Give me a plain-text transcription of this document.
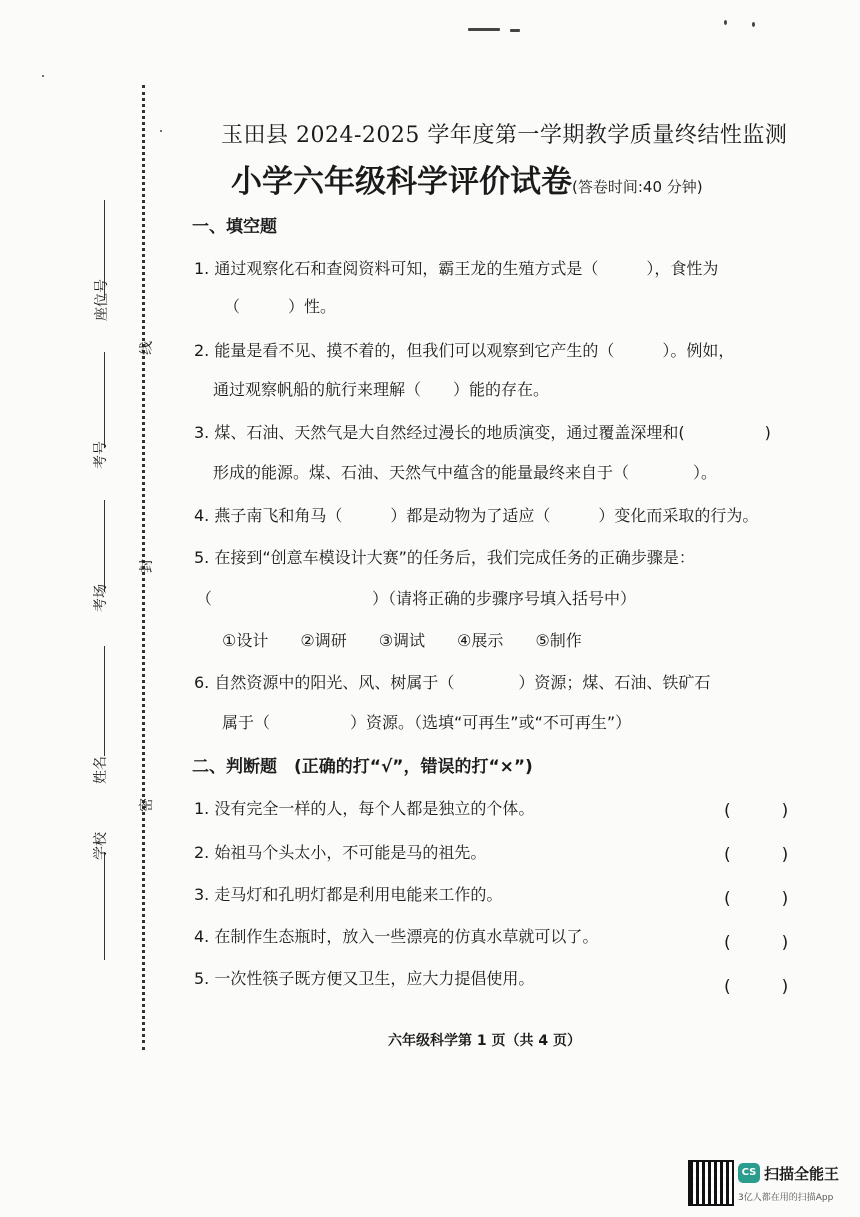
座位号
考号
考场
姓名
学校
线
封
密
玉田县 2024-2025 学年度第一学期教学质量终结性监测
小学六年级科学评价试卷(答卷时间:40 分钟)
一、填空题
1. 通过观察化石和查阅资料可知，霸王龙的生殖方式是（　　　），食性为
（　　　）性。
2. 能量是看不见、摸不着的，但我们可以观察到它产生的（　　　）。例如，
通过观察帆船的航行来理解（　　）能的存在。
3. 煤、石油、天然气是大自然经过漫长的地质演变，通过覆盖深埋和(　　　　　)
形成的能源。煤、石油、天然气中蕴含的能量最终来自于（　　　　）。
4. 燕子南飞和角马（　　　）都是动物为了适应（　　　）变化而采取的行为。
5. 在接到“创意车模设计大赛”的任务后，我们完成任务的正确步骤是：
（　　　　　　　　　　）（请将正确的步骤序号填入括号中）
①设计　　②调研　　③调试　　④展示　　⑤制作
6. 自然资源中的阳光、风、树属于（　　　　）资源；煤、石油、铁矿石
属于（　　　　　）资源。（选填“可再生”或“不可再生”）
二、判断题　(正确的打“√”，错误的打“×”)
1. 没有完全一样的人，每个人都是独立的个体。	(　　　)
2. 始祖马个头太小，不可能是马的祖先。	(　　　)
3. 走马灯和孔明灯都是利用电能来工作的。	(　　　)
4. 在制作生态瓶时，放入一些漂亮的仿真水草就可以了。	(　　　)
5. 一次性筷子既方便又卫生，应大力提倡使用。	(　　　)
六年级科学第 1 页（共 4 页）
CS 扫描全能王
3亿人都在用的扫描App
